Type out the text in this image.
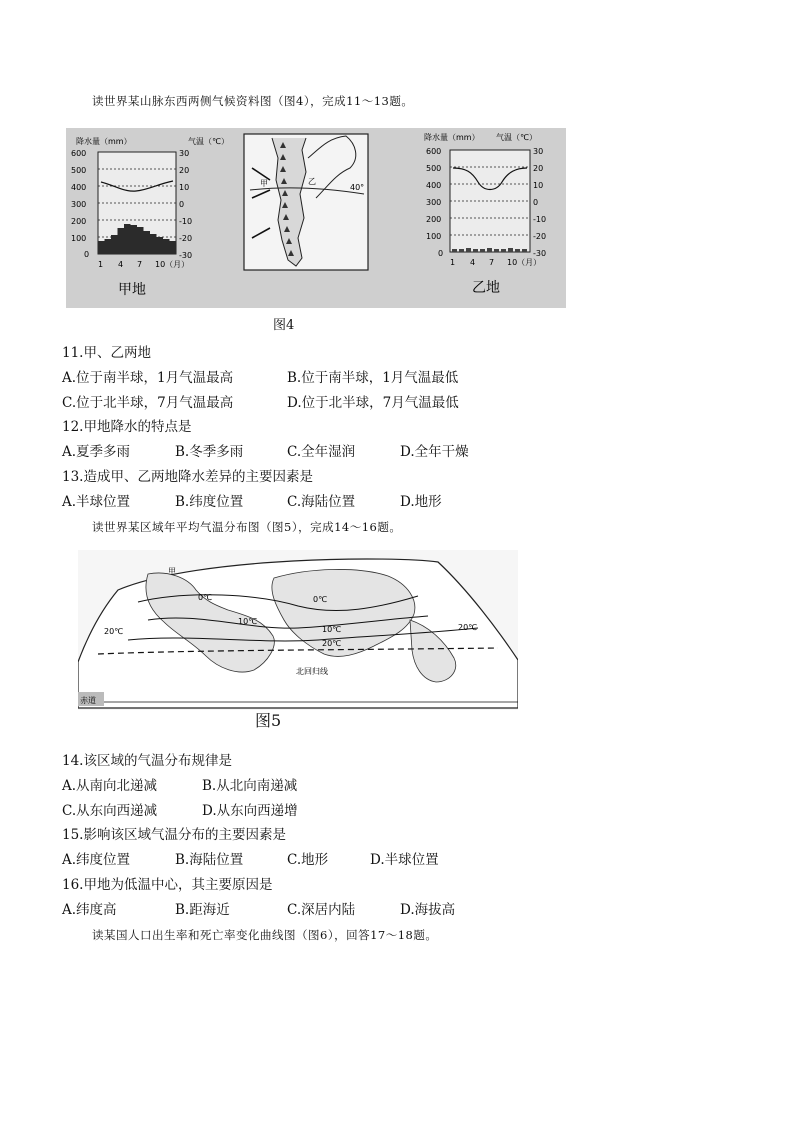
读世界某山脉东西两侧气候资料图（图4），完成11～13题。
降水量（mm）	气温（℃）
600
500
400
300
200
100
0
30
20
10
0
-10
-20
-30
1 4 7 10（月）
甲地
甲	乙
40°
降水量（mm） 气温（℃）
600
500
400
300
200
100
0
30
20
10
0
-10
-20
-30
1 4 7 10（月）
乙地
图4
11.甲、乙两地
A.位于南半球，1月气温最高	B.位于南半球，1月气温最低
C.位于北半球，7月气温最高	D.位于北半球，7月气温最低
12.甲地降水的特点是
A.夏季多雨	B.冬季多雨	C.全年湿润	D.全年干燥
13.造成甲、乙两地降水差异的主要因素是
A.半球位置	B.纬度位置	C.海陆位置	D.地形
读世界某区域年平均气温分布图（图5），完成14～16题。
甲
0℃	0℃
10℃
10℃
20℃
20℃
20℃
北回归线
赤道
图5
14.该区域的气温分布规律是
A.从南向北递减	B.从北向南递减
C.从东向西递减	D.从东向西递增
15.影响该区域气温分布的主要因素是
A.纬度位置	B.海陆位置	C.地形	D.半球位置
16.甲地为低温中心，其主要原因是
A.纬度高	B.距海近	C.深居内陆	D.海拔高
读某国人口出生率和死亡率变化曲线图（图6），回答17～18题。
